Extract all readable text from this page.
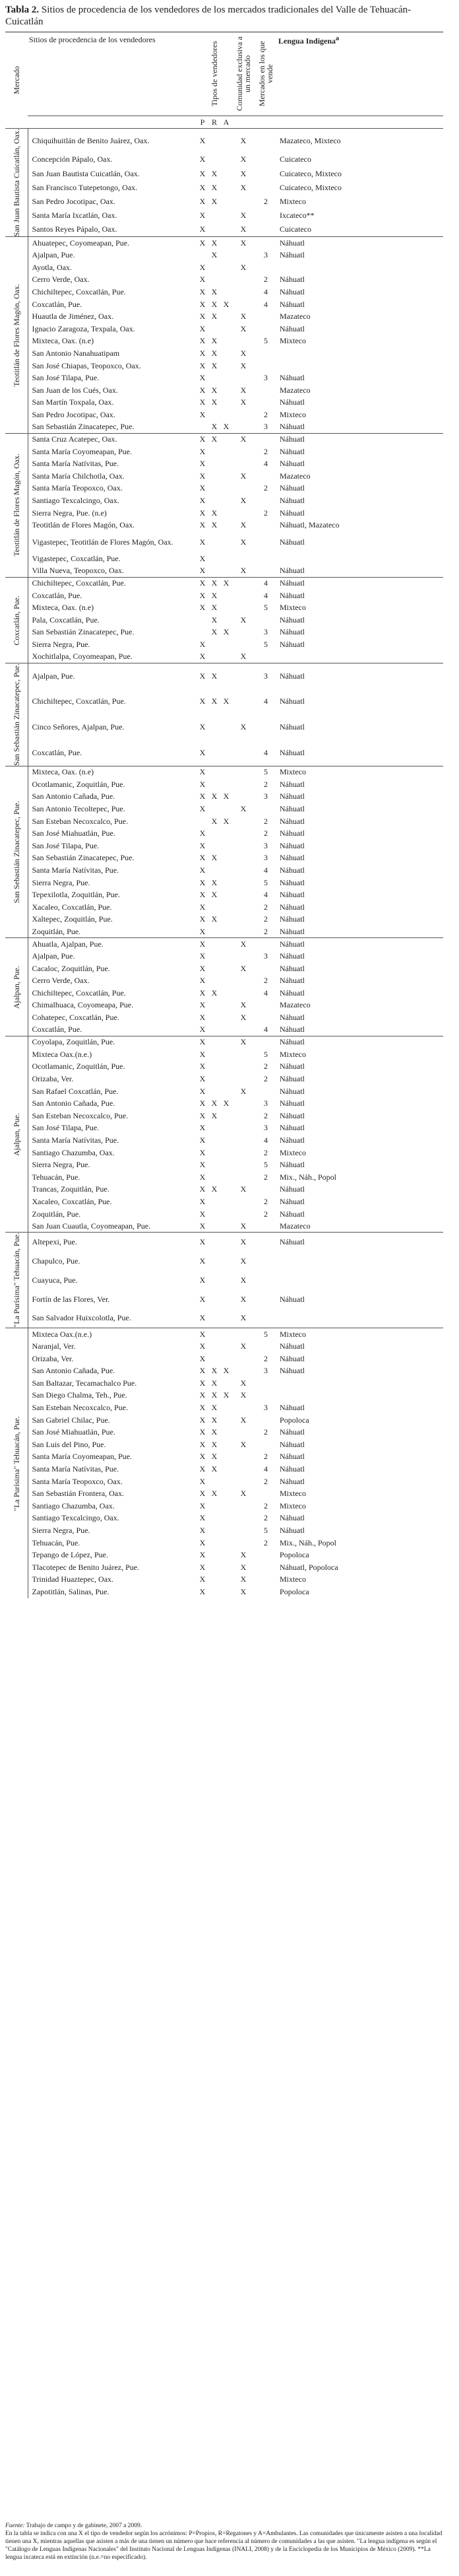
Tabla 2. Sitios de procedencia de los vendedores de los mercados tradicionales del Valle de Tehuacán-Cuicatlán
Mercado	Sitios de procedencia de los vendedores	Tipos de vendedores			Comunidad exclusiva a un mercado	Mercados en los que vende	Lengua Indígena$^a$
		P	R	A			

San Juan Bautista Cuicatlán, Oax.	Chiquihuitlán de Benito Juárez, Oax.	X			X		Mazateco, Mixteco
	Concepción Pápalo, Oax.	X			X		Cuicateco
	San Juan Bautista Cuicatlán, Oax.	X	X		X		Cuicateco, Mixteco
	San Francisco Tutepetongo, Oax.	X	X		X		Cuicateco, Mixteco
	San Pedro Jocotipac, Oax.	X	X			2	Mixteco
	Santa María Ixcatlán, Oax.	X			X		Ixcateco**
	Santos Reyes Pápalo, Oax.	X			X		Cuicateco

Teotitlán de Flores Magón, Oax.	Ahuatepec, Coyomeapan, Pue.	X	X		X		Náhuatl
	Ajalpan, Pue.		X			3	Náhuatl
	Ayotla, Oax.	X			X		
	Cerro Verde, Oax.	X				2	Náhuatl
	Chichiltepec, Coxcatlán, Pue.	X	X			4	Náhuatl
	Coxcatlán, Pue.	X	X	X		4	Náhuatl
	Huautla de Jiménez, Oax.	X	X		X		Mazateco
	Ignacio Zaragoza, Texpala, Oax.	X			X		Náhuatl
	Mixteca, Oax. (n.e)	X	X			5	Mixteco
	San Antonio Nanahuatipam	X	X		X		
	San José Chiapas, Teopoxco, Oax.	X	X		X		
	San José Tilapa, Pue.	X				3	Náhuatl
	San Juan de los Cués, Oax.	X	X		X		Mazateco
	San Martín Toxpala, Oax.	X	X		X		Náhuatl
	San Pedro Jocotipac, Oax.	X				2	Mixteco
	San Sebastián Zinacatepec, Pue.		X	X		3	Náhuatl

Teotitlán de Flores Magón, Oax.	Santa Cruz Acatepec, Oax.	X	X		X		Náhuatl
	Santa María Coyomeapan, Pue.	X				2	Náhuatl
	Santa María Natívitas, Pue.	X				4	Náhuatl
	Santa María Chilchotla, Oax.	X			X		Mazateco
	Santa María Teopoxco, Oax.	X				2	Náhuatl
	Santiago Texcalcingo, Oax.	X			X		Náhuatl
	Sierra Negra, Pue. (n.e)	X	X			2	Náhuatl
	Teotitlán de Flores Magón, Oax.	X	X		X		Náhuatl, Mazateco
	Vigastepec, Teotitlán de Flores Magón, Oax.	X			X		Náhuatl
	Vigastepec, Coxcatlán, Pue.	X					
	Villa Nueva, Teopoxco, Oax.	X			X		Náhuatl

Coxcatlán, Pue.	Chichiltepec, Coxcatlán, Pue.	X	X	X		4	Náhuatl
	Coxcatlán, Pue.	X	X			4	Náhuatl
	Mixteca, Oax. (n.e)	X	X			5	Mixteco
	Pala, Coxcatlán, Pue.		X		X		Náhuatl
	San Sebastián Zinacatepec, Pue.		X	X		3	Náhuatl
	Sierra Negra, Pue.	X				5	Náhuatl
	Xochitlalpa, Coyomeapan, Pue.	X			X		

San Sebastián Zinacatepec, Pue.	Ajalpan, Pue.	X	X			3	Náhuatl
	Chichiltepec, Coxcatlán, Pue.	X	X	X		4	Náhuatl
	Cinco Señores, Ajalpan, Pue.	X			X		Náhuatl
	Coxcatlán, Pue.	X				4	Náhuatl

San Sebastián Zinacatepec, Pue.	Mixteca, Oax. (n.e)	X				5	Mixteco
	Ocotlamanic, Zoquitlán, Pue.	X				2	Náhuatl
	San Antonio Cañada, Pue.	X	X	X		3	Náhuatl
	San Antonio Tecoltepec, Pue.	X			X		Náhuatl
	San Esteban Necoxcalco, Pue.		X	X		2	Náhuatl
	San José Miahuatlán, Pue.	X				2	Náhuatl
	San José Tilapa, Pue.	X				3	Náhuatl
	San Sebastián Zinacatepec, Pue.	X	X			3	Náhuatl
	Santa María Natívitas, Pue.	X				4	Náhuatl
	Sierra Negra, Pue.	X	X			5	Náhuatl
	Tepexilotla, Zoquitlán, Pue.	X	X			4	Náhuatl
	Xacaleo, Coxcatlán, Pue.	X				2	Náhuatl
	Xaltepec, Zoquitlán, Pue.	X	X			2	Náhuatl
	Zoquitlán, Pue.	X				2	Náhuatl

Ajalpan, Pue.	Ahuatla, Ajalpan, Pue.	X			X		Náhuatl
	Ajalpan, Pue.	X				3	Náhuatl
	Cacaloc, Zoquitlán, Pue.	X			X		Náhuatl
	Cerro Verde, Oax.	X				2	Náhuatl
	Chichiltepec, Coxcatlán, Pue.	X	X			4	Náhuatl
	Chimalhuaca, Coyomeapa, Pue.	X			X		Mazateco
	Cohatepec, Coxcatlán, Pue.	X			X		Náhuatl
	Coxcatlán, Pue.	X				4	Náhuatl

Ajalpan, Pue.	Coyolapa, Zoquitlán, Pue.	X			X		Náhuatl
	Mixteca Oax.(n.e.)	X				5	Mixteco
	Ocotlamanic, Zoquitlán, Pue.	X				2	Náhuatl
	Orizaba, Ver.	X				2	Náhuatl
	San Rafael Coxcatlán, Pue.	X			X		Náhuatl
	San Antonio Cañada, Pue.	X	X	X		3	Náhuatl
	San Esteban Necoxcalco, Pue.	X	X			2	Náhuatl
	San José Tilapa, Pue.	X				3	Náhuatl
	Santa María Natívitas, Pue.	X				4	Náhuatl
	Santiago Chazumba, Oax.	X				2	Mixteco
	Sierra Negra, Pue.	X				5	Náhuatl
	Tehuacán, Pue.	X				2	Mix., Náh., Popol
	Trancas, Zoquitlán, Pue.	X	X		X		Náhuatl
	Xacaleo, Coxcatlán, Pue.	X				2	Náhuatl
	Zoquitlán, Pue.	X				2	Náhuatl
	San Juan Cuautla, Coyomeapan, Pue.	X			X		Mazateco

"La Purísima" Tehuacán, Pue.	Altepexi, Pue.	X			X		Náhuatl
	Chapulco, Pue.	X			X		
	Cuayuca, Pue.	X			X		
	Fortín de las Flores, Ver.	X			X		Náhuatl
	San Salvador Huixcolotla, Pue.	X			X		

"La Purísima" Tehuacán, Pue.	Mixteca Oax.(n.e.)	X				5	Mixteco
	Naranjal, Ver.	X			X		Náhuatl
	Orizaba, Ver.	X				2	Náhuatl
	San Antonio Cañada, Pue.	X	X	X		3	Náhuatl
	San Baltazar, Tecamachalco Pue.	X	X		X		
	San Diego Chalma, Teh., Pue.	X	X	X	X		
	San Esteban Necoxcalco, Pue.	X	X			3	Náhuatl
	San Gabriel Chilac, Pue.	X	X		X		Popoloca
	San José Miahuatlán, Pue.	X	X			2	Náhuatl
	San Luis del Pino, Pue.	X	X		X		Náhuatl
	Santa María Coyomeapan, Pue.	X	X			2	Náhuatl
	Santa María Natívitas, Pue.	X	X			4	Náhuatl
	Santa María Teopoxco, Oax.	X				2	Náhuatl
	San Sebastián Frontera, Oax.	X	X		X		Mixteco
	Santiago Chazumba, Oax.	X				2	Mixteco
	Santiago Texcalcingo, Oax.	X				2	Náhuatl
	Sierra Negra, Pue.	X				5	Náhuatl
	Tehuacán, Pue.	X				2	Mix., Náh., Popol
	Tepango de López, Pue.	X			X		Popoloca
	Tlacotepec de Benito Juárez, Pue.	X			X		Náhuatl, Popoloca
	Trinidad Huaztepec, Oax.	X			X		Mixteco
	Zapotitlán, Salinas, Pue.	X			X		Popoloca
Fuente: Trabajo de campo y de gabinete, 2007 a 2009.
En la tabla se indica con una X el tipo de vendedor según los acrónimos: P=Propios, R=Regatones y A=Ambulantes. Las comunidades que únicamente asisten a una localidad tienen una X, mientras aquellas que asisten a más de una tienen un número que hace referencia al número de comunidades a las que asisten. "La lengua indígena es según el "Catálogo de Lenguas Indígenas Nacionales" del Instituto Nacional de Lenguas Indígenas (INALI, 2008) y de la Enciclopedia de los Municipios de México (2009). **La lengua ixcateca está en extinción (n.e.=no especificado).
